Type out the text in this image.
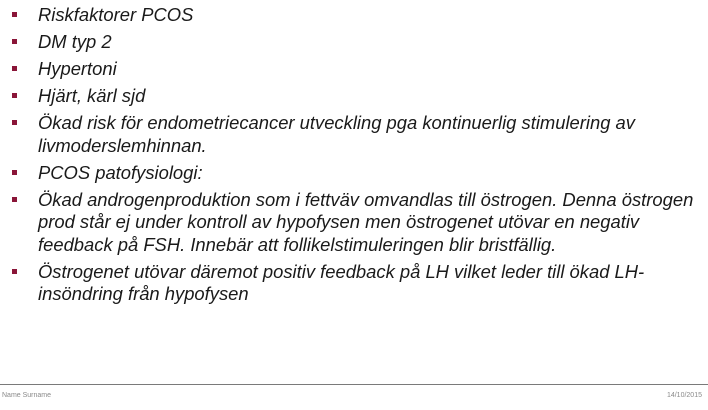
Riskfaktorer PCOS
DM typ 2
Hypertoni
Hjärt, kärl sjd
Ökad risk för endometriecancer utveckling pga kontinuerlig stimulering av livmoderslemhinnan.
PCOS patofysiologi:
Ökad androgenproduktion som i fettväv omvandlas till östrogen. Denna östrogen prod står ej under kontroll av hypofysen men östrogenet utövar en negativ feedback på FSH. Innebär att follikelstimuleringen blir bristfällig.
Östrogenet utövar däremot positiv feedback på LH vilket leder till ökad LH-insöndring från hypofysen
Name Surname	14/10/2015
